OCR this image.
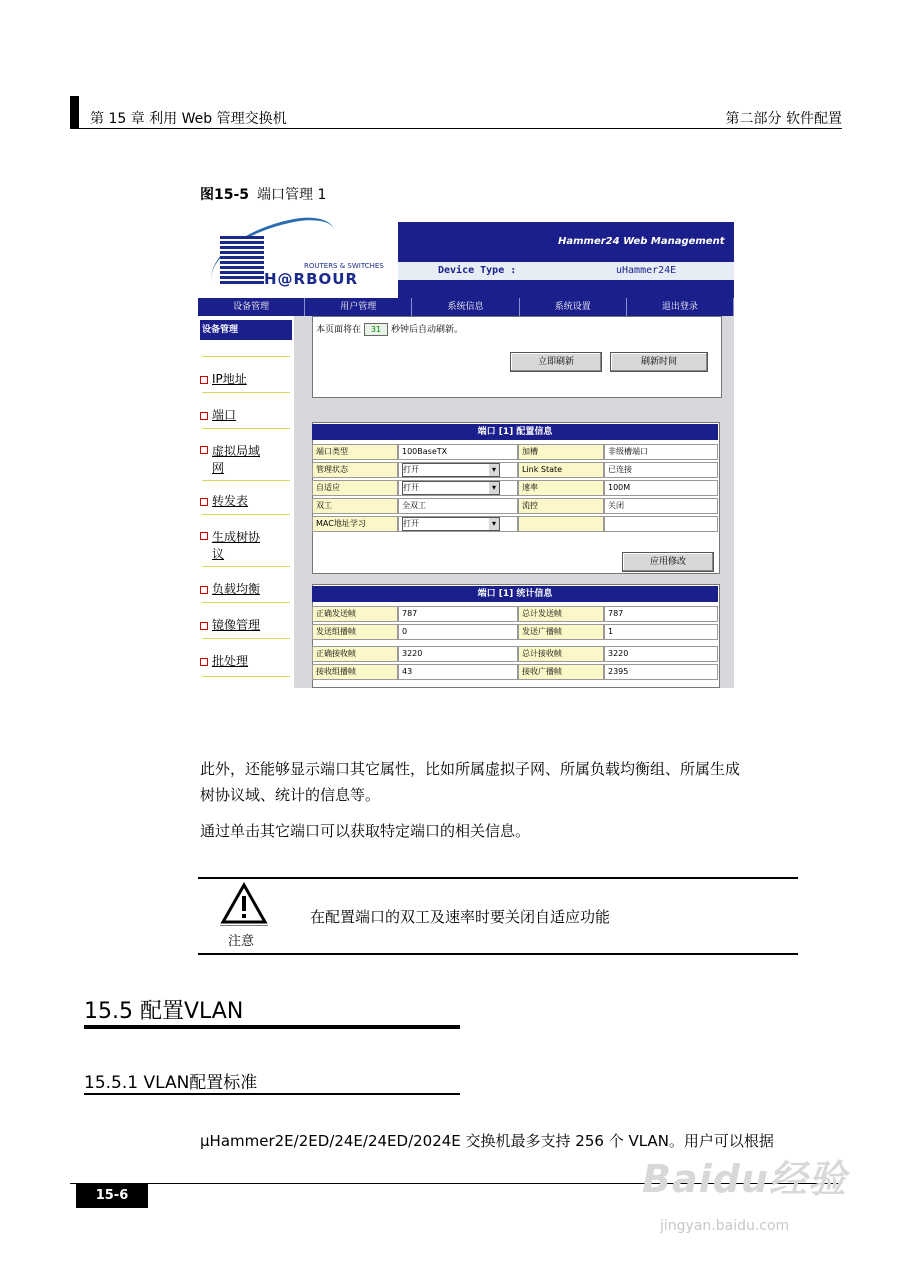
第 15 章 利用 Web 管理交换机	第二部分 软件配置
图15-5 端口管理 1
ROUTERS & SWITCHES
H@RBOUR
Hammer24 Web Management
Device Type :	uHammer24E
设备管理	用户管理	系统信息	系统设置	退出登录
设备管理
IP地址
端口
虚拟局域网
转发表
生成树协议
负载均衡
镜像管理
批处理
本页面将在 31 秒钟后自动刷新。
立即刷新	刷新时间
端口 [1] 配置信息
端口类型	100BaseTX	加槽	非级槽端口
管理状态	打开 ▾	Link State	已连接
自适应	打开 ▾	速率	100M
双工	全双工	流控	关闭
MAC地址学习	打开 ▾
应用修改
端口 [1] 统计信息
正确发送帧	787	总计发送帧	787
发送组播帧	0	发送广播帧	1
正确接收帧	3220	总计接收帧	3220
接收组播帧	43	接收广播帧	2395
此外，还能够显示端口其它属性，比如所属虚拟子网、所属负载均衡组、所属生成
树协议域、统计的信息等。
通过单击其它端口可以获取特定端口的相关信息。
注意
在配置端口的双工及速率时要关闭自适应功能
15.5 配置VLAN
15.5.1 VLAN配置标准
μHammer2E/2ED/24E/24ED/2024E 交换机最多支持 256 个 VLAN。用户可以根据
15-6	Baidu经验
jingyan.baidu.com
